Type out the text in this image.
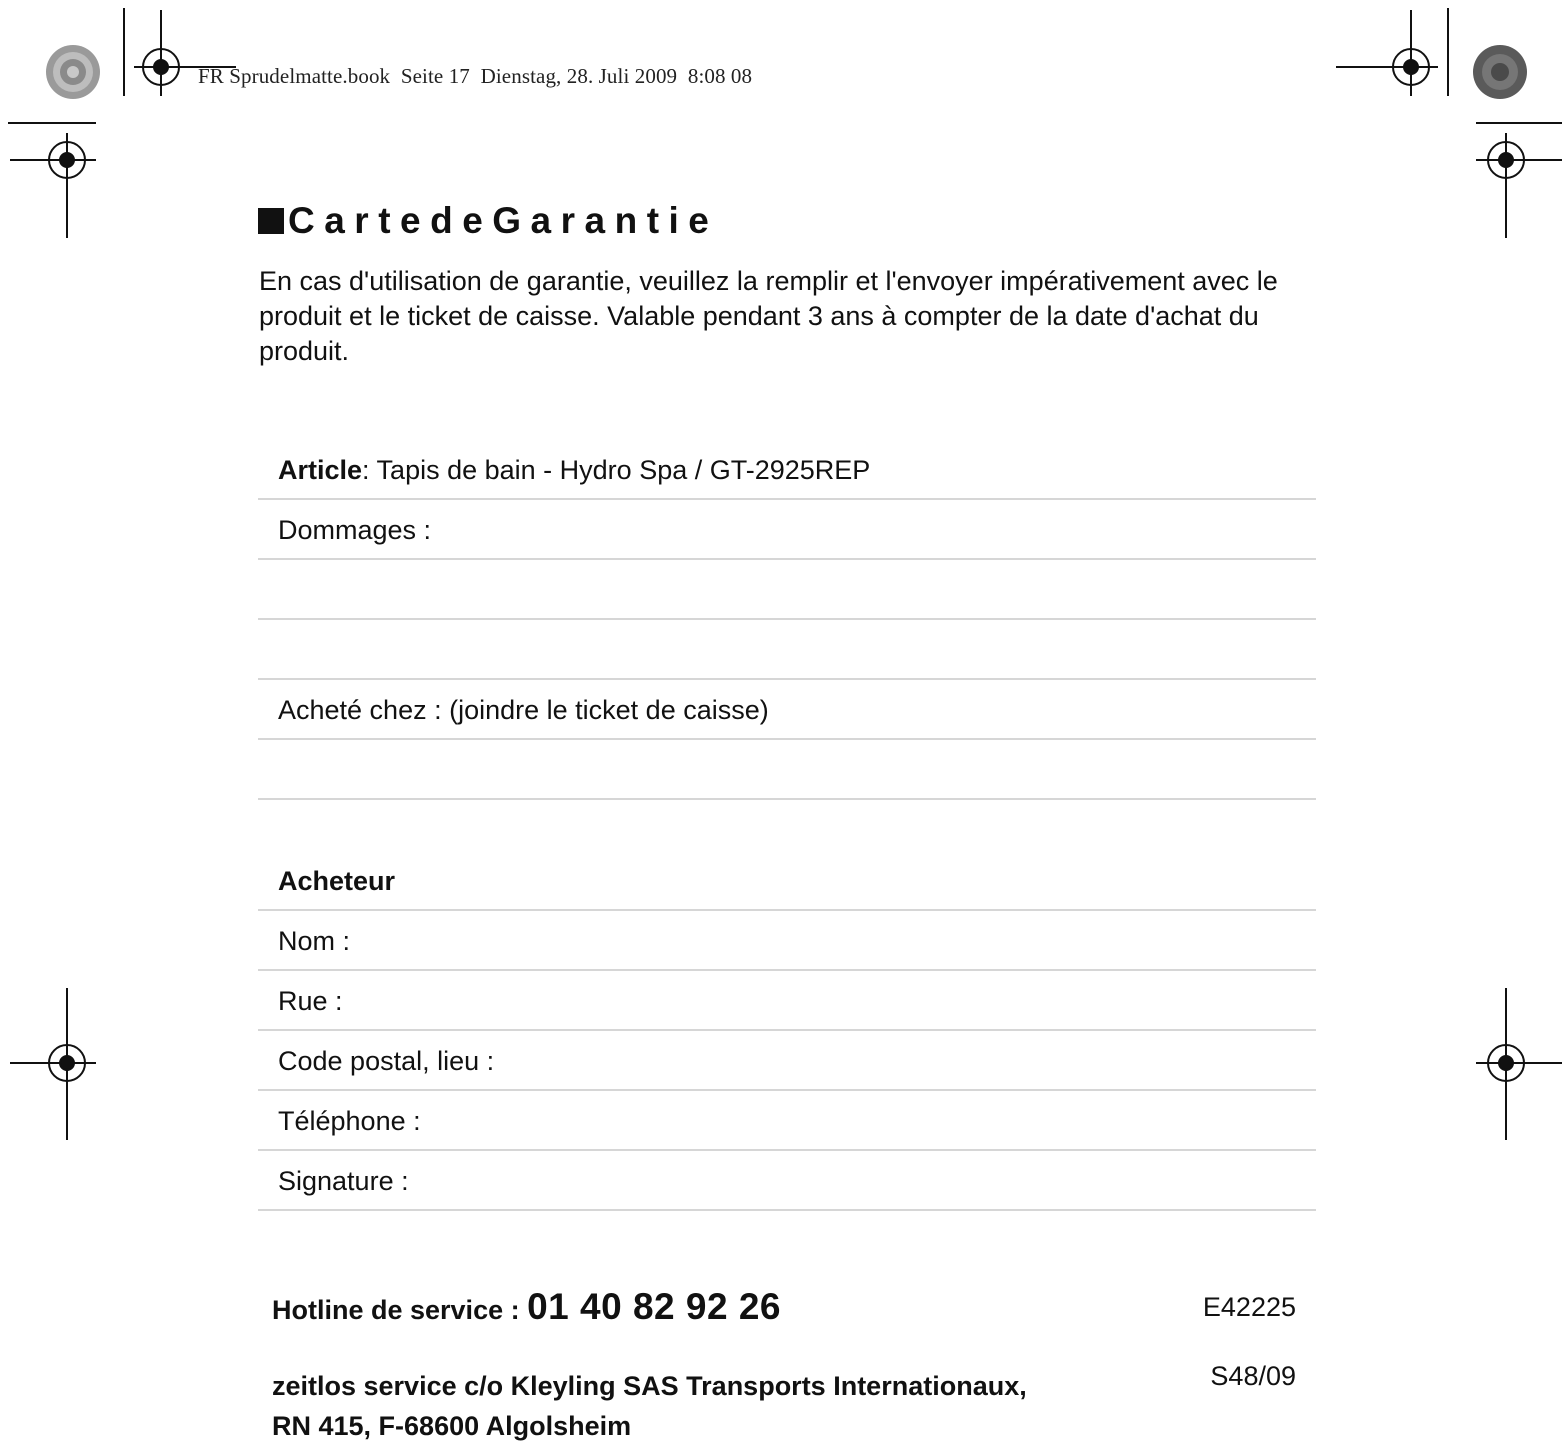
FR Sprudelmatte.book  Seite 17  Dienstag, 28. Juli 2009  8:08 08
CartedeGarantie
En cas d'utilisation de garantie, veuillez la remplir et l'envoyer impérativement avec le produit et le ticket de caisse. Valable pendant 3 ans à compter de la date d'achat du produit.
Article: Tapis de bain - Hydro Spa / GT-2925REP
Dommages :
Acheté chez : (joindre le ticket de caisse)
Acheteur
Nom :
Rue :
Code postal, lieu :
Téléphone :
Signature :
Hotline de service : 01 40 82 92 26	E42225
S48/09
zeitlos service c/o Kleyling SAS Transports Internationaux,
RN 415, F-68600 Algolsheim
